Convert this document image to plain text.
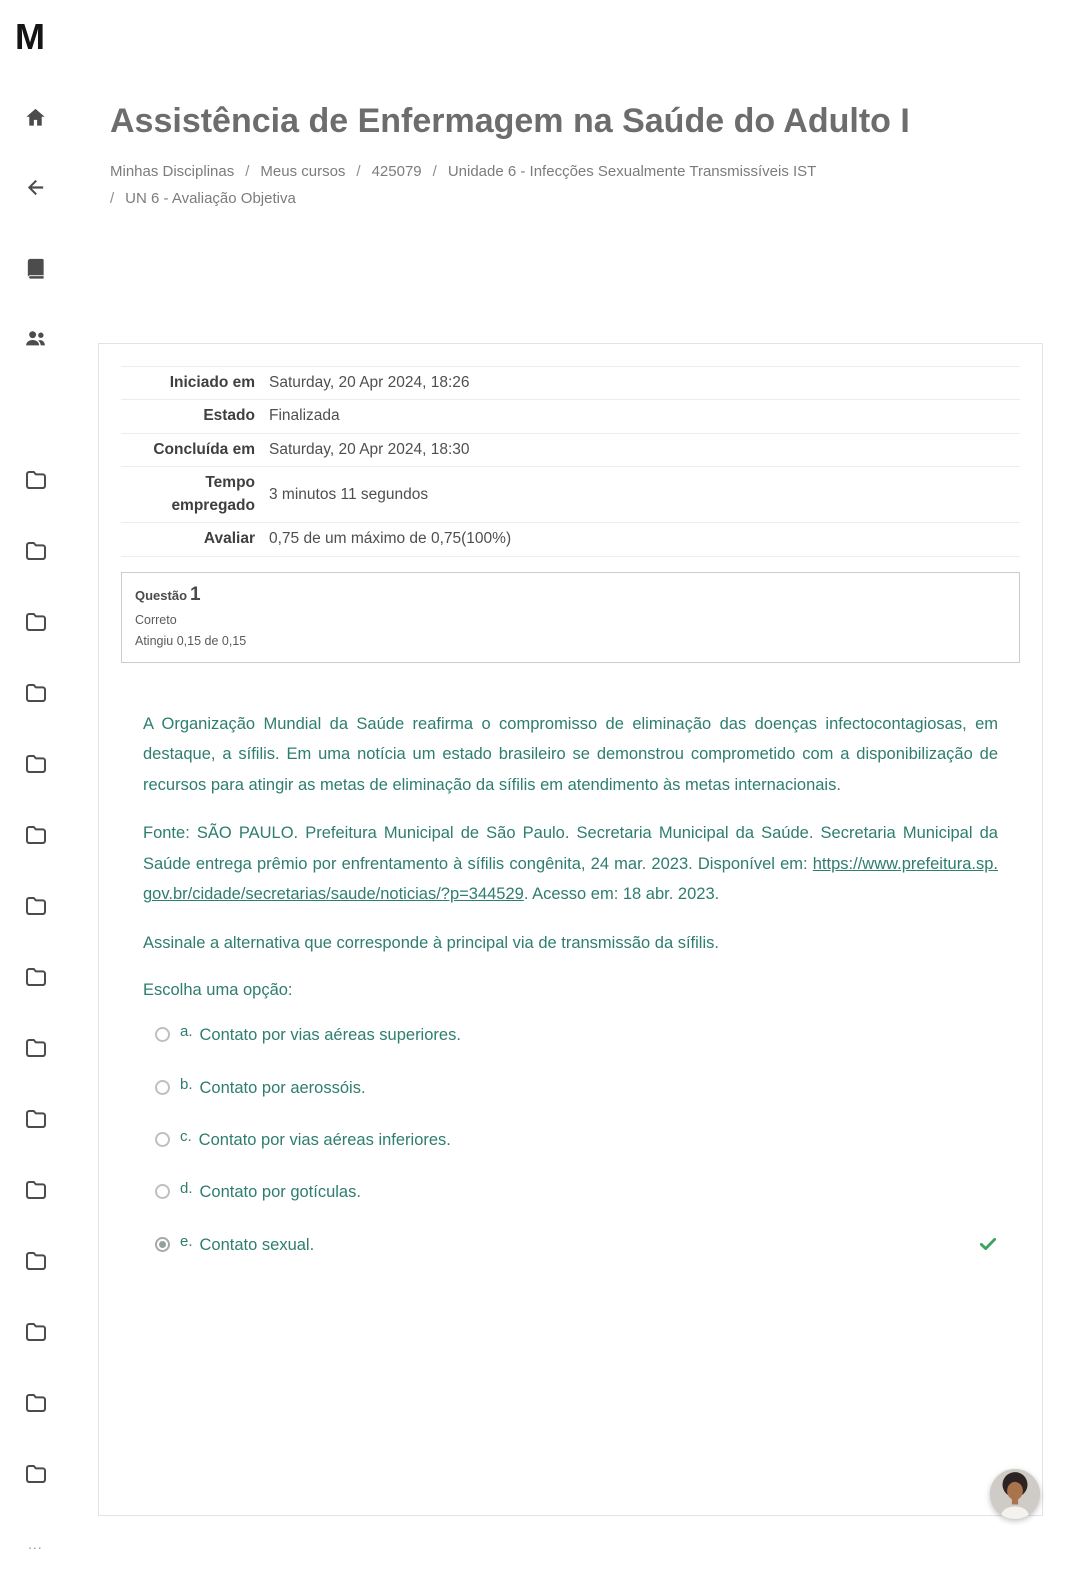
M
...
Assistência de Enfermagem na Saúde do Adulto I
Minhas Disciplinas / Meus cursos / 425079 / Unidade 6 - Infecções Sexualmente Transmissíveis IST
/ UN 6 - Avaliação Objetiva
Iniciado em	Saturday, 20 Apr 2024, 18:26
Estado	Finalizada
Concluída em	Saturday, 20 Apr 2024, 18:30
Tempo empregado	3 minutos 11 segundos
Avaliar	0,75 de um máximo de 0,75(100%)
Questão 1
Correto
Atingiu 0,15 de 0,15

A Organização Mundial da Saúde reafirma o compromisso de eliminação das doenças infectocontagiosas, em destaque, a sífilis. Em uma notícia um estado brasileiro se demonstrou comprometido com a disponibilização de recursos para atingir as metas de eliminação da sífilis em atendimento às metas internacionais.

Fonte: SÃO PAULO. Prefeitura Municipal de São Paulo. Secretaria Municipal da Saúde. Secretaria Municipal da Saúde entrega prêmio por enfrentamento à sífilis congênita, 24 mar. 2023. Disponível em: https://www.prefeitura.sp.gov.br/cidade/secretarias/saude/noticias/?p=344529. Acesso em: 18 abr. 2023.

Assinale a alternativa que corresponde à principal via de transmissão da sífilis.

Escolha uma opção:
a. Contato por vias aéreas superiores.
b. Contato por aerossóis.
c. Contato por vias aéreas inferiores.
d. Contato por gotículas.
e. Contato sexual.
